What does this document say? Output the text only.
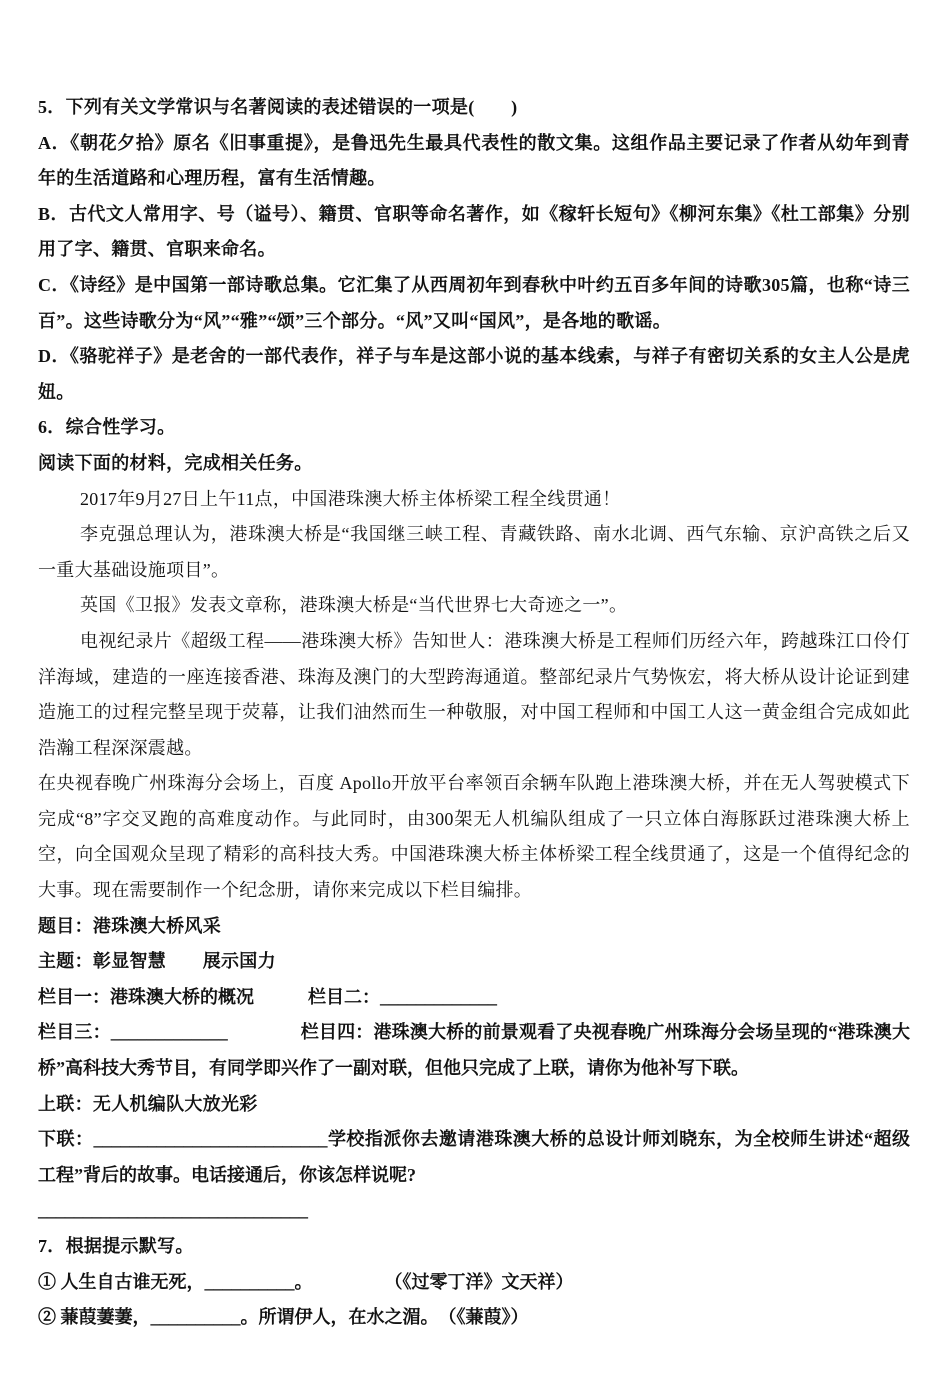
5．下列有关文学常识与名著阅读的表述错误的一项是(　　)

A．《朝花夕拾》原名《旧事重提》，是鲁迅先生最具代表性的散文集。这组作品主要记录了作者从幼年到青年的生活道路和心理历程，富有生活情趣。

B．古代文人常用字、号（谥号）、籍贯、官职等命名著作，如《稼轩长短句》《柳河东集》《杜工部集》分别用了字、籍贯、官职来命名。

C．《诗经》是中国第一部诗歌总集。它汇集了从西周初年到春秋中叶约五百多年间的诗歌305篇，也称“诗三百”。这些诗歌分为“风”“雅”“颂”三个部分。“风”又叫“国风”，是各地的歌谣。

D．《骆驼祥子》是老舍的一部代表作，祥子与车是这部小说的基本线索，与祥子有密切关系的女主人公是虎妞。

6．综合性学习。

阅读下面的材料，完成相关任务。

2017年9月27日上午11点，中国港珠澳大桥主体桥梁工程全线贯通！

李克强总理认为，港珠澳大桥是“我国继三峡工程、青藏铁路、南水北调、西气东输、京沪高铁之后又一重大基础设施项目”。

英国《卫报》发表文章称，港珠澳大桥是“当代世界七大奇迹之一”。

电视纪录片《超级工程——港珠澳大桥》告知世人：港珠澳大桥是工程师们历经六年，跨越珠江口伶仃洋海域，建造的一座连接香港、珠海及澳门的大型跨海通道。整部纪录片气势恢宏，将大桥从设计论证到建造施工的过程完整呈现于荧幕，让我们油然而生一种敬服，对中国工程师和中国工人这一黄金组合完成如此浩瀚工程深深震越。

在央视春晚广州珠海分会场上，百度 Apollo开放平台率领百余辆车队跑上港珠澳大桥，并在无人驾驶模式下完成“8”字交叉跑的高难度动作。与此同时，由300架无人机编队组成了一只立体白海豚跃过港珠澳大桥上空，向全国观众呈现了精彩的高科技大秀。中国港珠澳大桥主体桥梁工程全线贯通了，这是一个值得纪念的大事。现在需要制作一个纪念册，请你来完成以下栏目编排。

题目：港珠澳大桥风采

主题：彰显智慧　　展示国力

栏目一：港珠澳大桥的概况　　　栏目二：_____________

栏目三：_____________　　　　栏目四：港珠澳大桥的前景观看了央视春晚广州珠海分会场呈现的“港珠澳大桥”高科技大秀节目，有同学即兴作了一副对联，但他只完成了上联，请你为他补写下联。

上联：无人机编队大放光彩

下联：__________________________学校指派你去邀请港珠澳大桥的总设计师刘晓东，为全校师生讲述“超级工程”背后的故事。电话接通后，你该怎样说呢?

______________________________

7．根据提示默写。

① 人生自古谁无死，__________。　　　　　（《过零丁洋》文天祥）

② 蒹葭萋萋，__________。所谓伊人，在水之湄。　（《蒹葭》）
